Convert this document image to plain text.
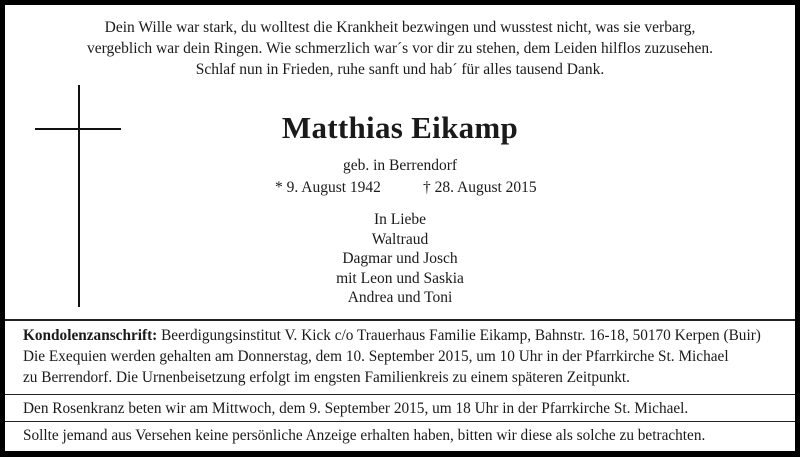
Dein Wille war stark, du wolltest die Krankheit bezwingen und wusstest nicht, was sie verbarg,
vergeblich war dein Ringen. Wie schmerzlich war´s vor dir zu stehen, dem Leiden hilflos zuzusehen.
Schlaf nun in Frieden, ruhe sanft und hab´ für alles tausend Dank.
Matthias Eikamp
geb. in Berrendorf
* 9. August 1942	† 28. August 2015
In Liebe
Waltraud
Dagmar und Josch
mit Leon und Saskia
Andrea und Toni
Kondolenzanschrift: Beerdigungsinstitut V. Kick c/o Trauerhaus Familie Eikamp, Bahnstr. 16-18, 50170 Kerpen (Buir)
Die Exequien werden gehalten am Donnerstag, dem 10. September 2015, um 10 Uhr in der Pfarrkirche St. Michael
zu Berrendorf. Die Urnenbeisetzung erfolgt im engsten Familienkreis zu einem späteren Zeitpunkt.
Den Rosenkranz beten wir am Mittwoch, dem 9. September 2015, um 18 Uhr in der Pfarrkirche St. Michael.
Sollte jemand aus Versehen keine persönliche Anzeige erhalten haben, bitten wir diese als solche zu betrachten.
